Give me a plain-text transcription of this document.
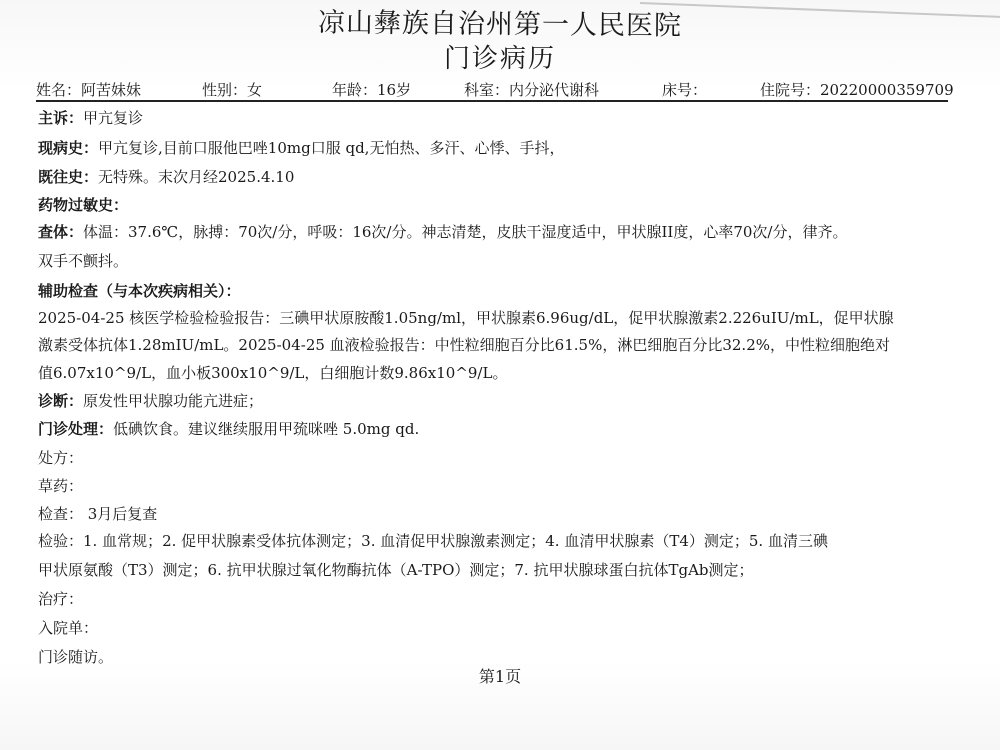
凉山彝族自治州第一人民医院
门诊病历
姓名：阿苦妹妹	性别：女	年龄：16岁	科室：内分泌代谢科	床号：	住院号：20220000359709
主诉：甲亢复诊
现病史：甲亢复诊,目前口服他巴唑10mg口服 qd,无怕热、多汗、心悸、手抖，
既往史：无特殊。末次月经2025.4.10
药物过敏史：
查体：体温：37.6℃，脉搏：70次/分，呼吸：16次/分。神志清楚，皮肤干湿度适中，甲状腺II度，心率70次/分，律齐。
双手不颤抖。
辅助检查（与本次疾病相关）：
2025-04-25 核医学检验检验报告：三碘甲状原胺酸1.05ng/ml，甲状腺素6.96ug/dL，促甲状腺激素2.226uIU/mL，促甲状腺
激素受体抗体1.28mIU/mL。2025-04-25 血液检验报告：中性粒细胞百分比61.5%，淋巴细胞百分比32.2%，中性粒细胞绝对
值6.07x10^9/L，血小板300x10^9/L，白细胞计数9.86x10^9/L。
诊断：原发性甲状腺功能亢进症；
门诊处理：低碘饮食。建议继续服用甲巯咪唑 5.0mg qd.
处方：
草药：
检查： 3月后复查
检验：1. 血常规；2. 促甲状腺素受体抗体测定；3. 血清促甲状腺激素测定；4. 血清甲状腺素（T4）测定；5. 血清三碘
甲状原氨酸（T3）测定；6. 抗甲状腺过氧化物酶抗体（A-TPO）测定；7. 抗甲状腺球蛋白抗体TgAb测定；
治疗：
入院单：
门诊随访。
第1页
